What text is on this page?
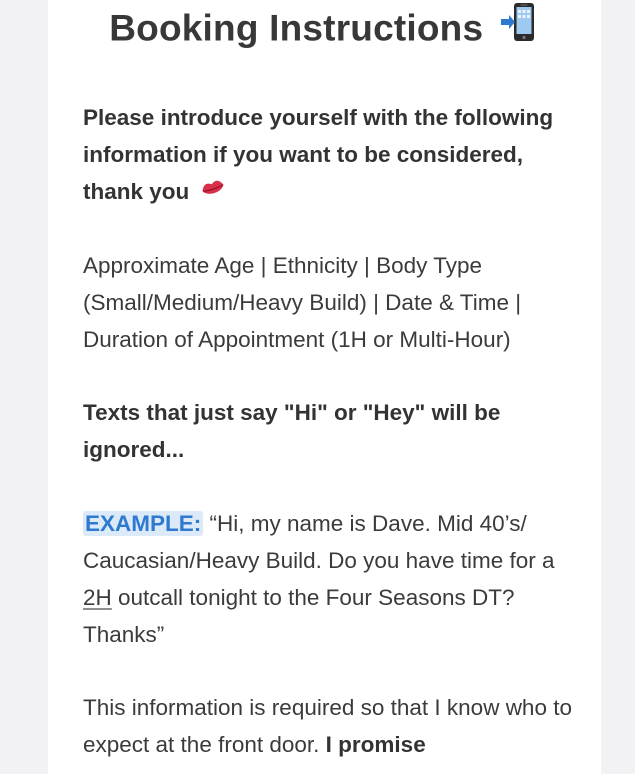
Booking Instructions
Please introduce yourself with the following information if you want to be considered, thank you
Approximate Age | Ethnicity | Body Type (Small/Medium/Heavy Build) | Date & Time | Duration of Appointment (1H or Multi-Hour)
Texts that just say "Hi" or "Hey" will be ignored...
EXAMPLE: “Hi, my name is Dave. Mid 40’s/ Caucasian/Heavy Build. Do you have time for a 2H outcall tonight to the Four Seasons DT? Thanks”
This information is required so that I know who to expect at the front door. I promise
